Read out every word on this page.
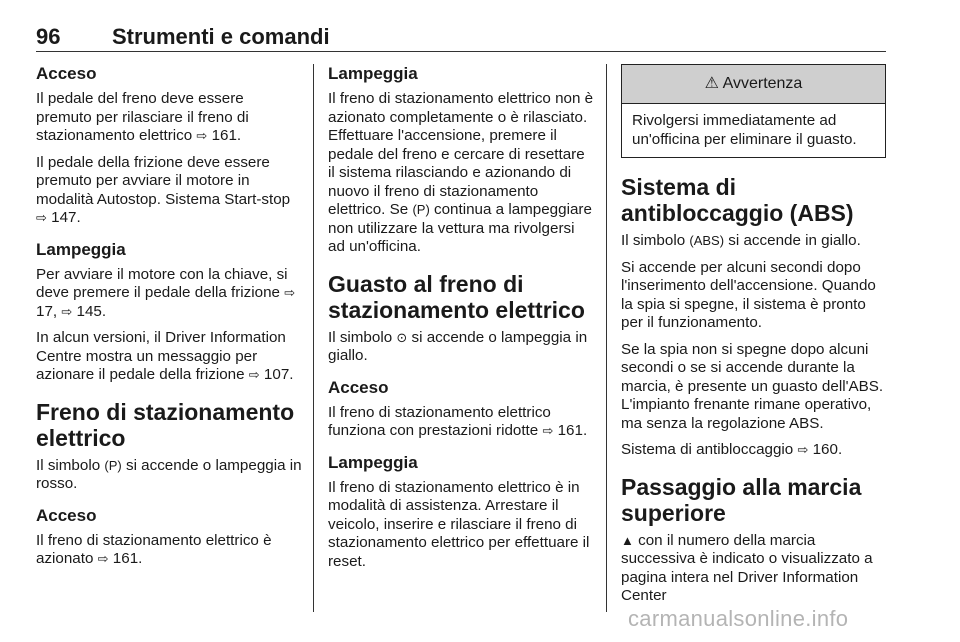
96 Strumenti e comandi
Acceso

Il pedale del freno deve essere premuto per rilasciare il freno di stazionamento elettrico ⇨ 161.

Il pedale della frizione deve essere premuto per avviare il motore in modalità Autostop. Sistema Start-stop ⇨ 147.

Lampeggia

Per avviare il motore con la chiave, si deve premere il pedale della frizione ⇨ 17, ⇨ 145.

In alcun versioni, il Driver Information Centre mostra un messaggio per azionare il pedale della frizione ⇨ 107.

Freno di stazionamento elettrico

Il simbolo (P) si accende o lampeggia in rosso.

Acceso

Il freno di stazionamento elettrico è azionato ⇨ 161.

Lampeggia

Il freno di stazionamento elettrico non è azionato completamente o è rilasciato. Effettuare l'accensione, premere il pedale del freno e cercare di resettare il sistema rilasciando e azionando di nuovo il freno di stazionamento elettrico. Se (P) continua a lampeggiare non utilizzare la vettura ma rivolgersi ad un'officina.

Guasto al freno di stazionamento elettrico

Il simbolo ⊙ si accende o lampeggia in giallo.

Acceso

Il freno di stazionamento elettrico funziona con prestazioni ridotte ⇨ 161.

Lampeggia

Il freno di stazionamento elettrico è in modalità di assistenza. Arrestare il veicolo, inserire e rilasciare il freno di stazionamento elettrico per effettuare il reset.

⚠ Avvertenza
Rivolgersi immediatamente ad un'officina per eliminare il guasto.
Sistema di antibloccaggio (ABS)

Il simbolo (ABS) si accende in giallo.

Si accende per alcuni secondi dopo l'inserimento dell'accensione. Quando la spia si spegne, il sistema è pronto per il funzionamento.

Se la spia non si spegne dopo alcuni secondi o se si accende durante la marcia, è presente un guasto dell'ABS. L'impianto frenante rimane operativo, ma senza la regolazione ABS.

Sistema di antibloccaggio ⇨ 160.

Passaggio alla marcia superiore

▲ con il numero della marcia successiva è indicato o visualizzato a pagina intera nel Driver Information Center

carmanualsonline.info
